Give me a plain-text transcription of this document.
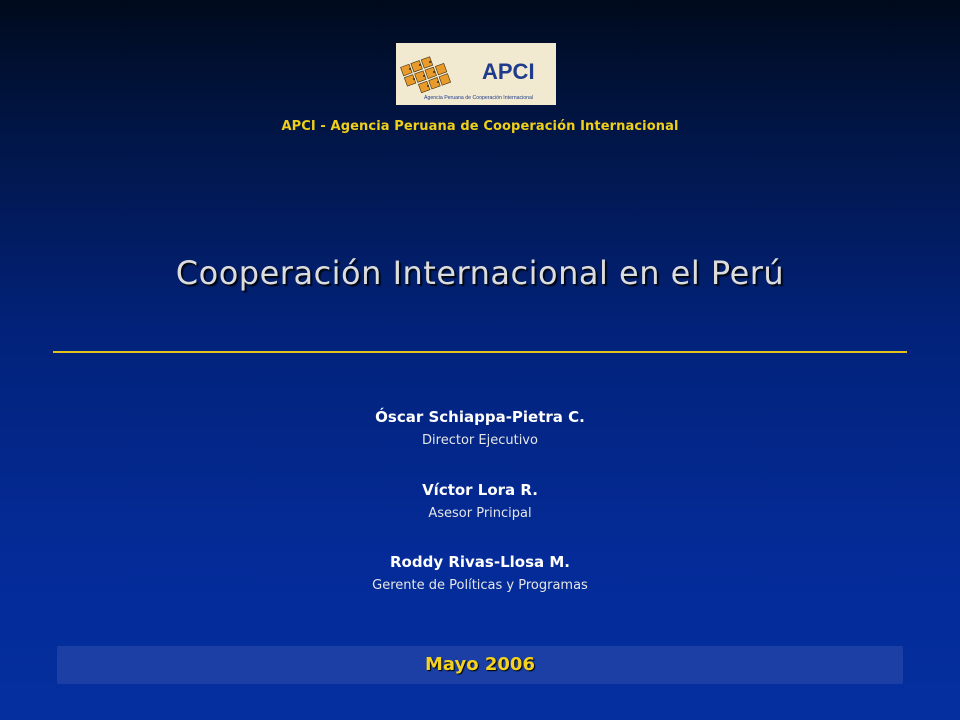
APCI
Agencia Peruana de Cooperación Internacional
APCI - Agencia Peruana de Cooperación Internacional
Cooperación Internacional en el Perú
Óscar Schiappa-Pietra C.
Director Ejecutivo
Víctor Lora R.
Asesor Principal
Roddy Rivas-Llosa M.
Gerente de Políticas y Programas
Mayo 2006
